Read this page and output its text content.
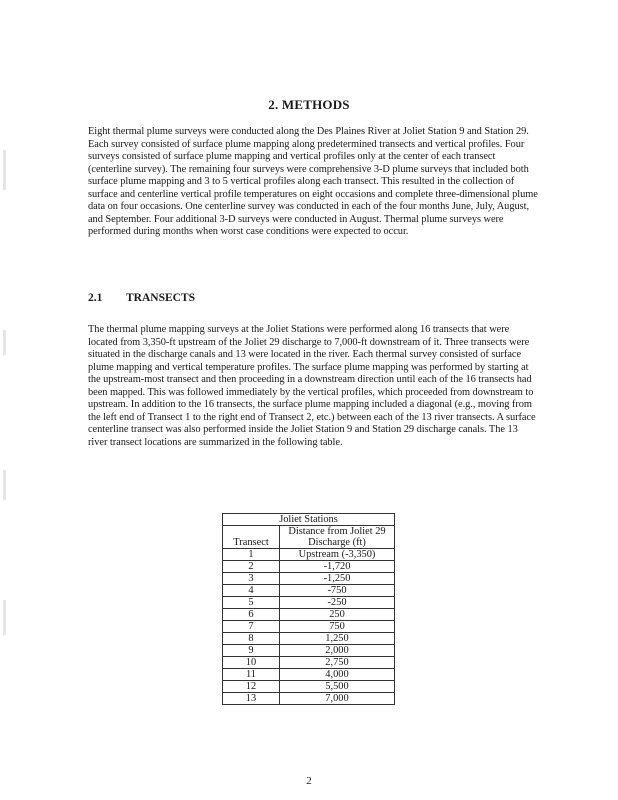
2. METHODS

Eight thermal plume surveys were conducted along the Des Plaines River at Joliet Station 9 and Station 29. Each survey consisted of surface plume mapping along predetermined transects and vertical profiles. Four surveys consisted of surface plume mapping and vertical profiles only at the center of each transect (centerline survey). The remaining four surveys were comprehensive 3-D plume surveys that included both surface plume mapping and 3 to 5 vertical profiles along each transect. This resulted in the collection of surface and centerline vertical profile temperatures on eight occasions and complete three-dimensional plume data on four occasions. One centerline survey was conducted in each of the four months June, July, August, and September. Four additional 3-D surveys were conducted in August. Thermal plume surveys were performed during months when worst case conditions were expected to occur.

2.1 TRANSECTS

The thermal plume mapping surveys at the Joliet Stations were performed along 16 transects that were located from 3,350-ft upstream of the Joliet 29 discharge to 7,000-ft downstream of it. Three transects were situated in the discharge canals and 13 were located in the river. Each thermal survey consisted of surface plume mapping and vertical temperature profiles. The surface plume mapping was performed by starting at the upstream-most transect and then proceeding in a downstream direction until each of the 16 transects had been mapped. This was followed immediately by the vertical profiles, which proceeded from downstream to upstream. In addition to the 16 transects, the surface plume mapping included a diagonal (e.g., moving from the left end of Transect 1 to the right end of Transect 2, etc.) between each of the 13 river transects. A surface centerline transect was also performed inside the Joliet Station 9 and Station 29 discharge canals. The 13 river transect locations are summarized in the following table.

Joliet Stations	
Transect	Distance from Joliet 29 Discharge (ft)
1	Upstream (-3,350)
2	-1,720
3	-1,250
4	-750
5	-250
6	250
7	750
8	1,250
9	2,000
10	2,750
11	4,000
12	5,500
13	7,000
2
